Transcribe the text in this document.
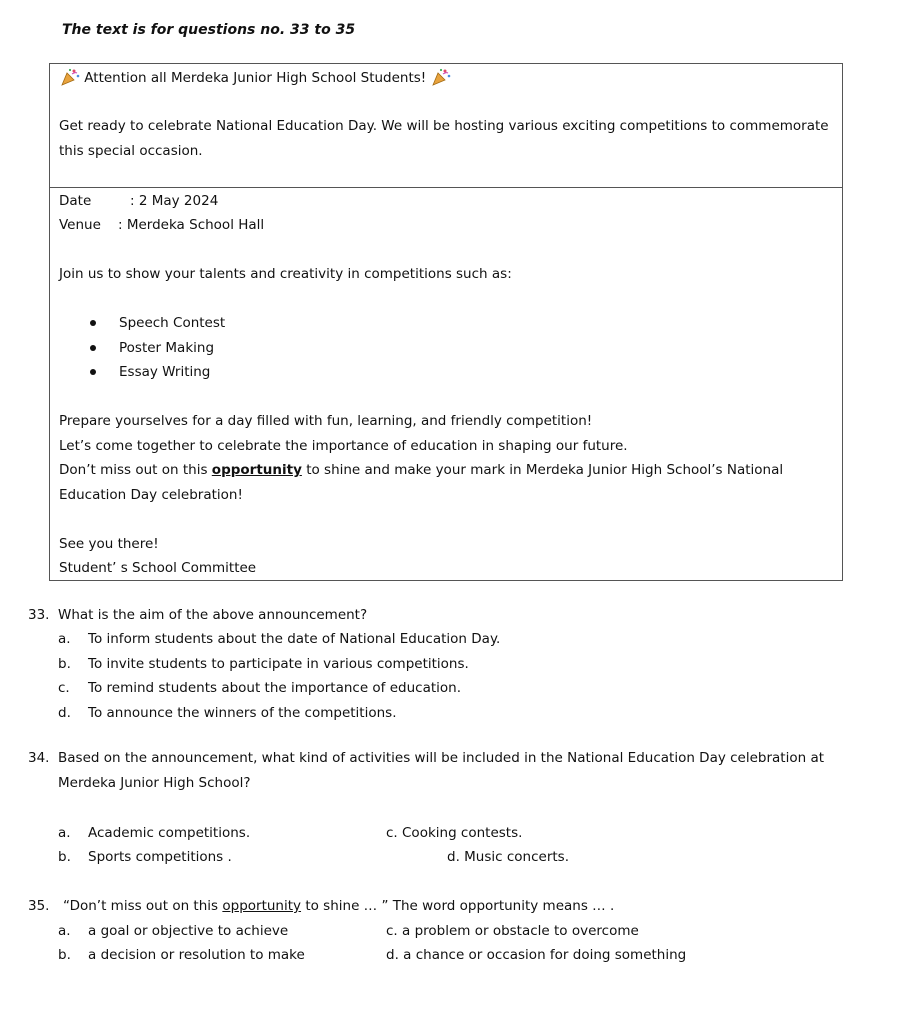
The text is for questions no. 33 to 35
Attention all Merdeka Junior High School Students!
Get ready to celebrate National Education Day. We will be hosting various exciting competitions to commemorate
this special occasion.
Date	: 2 May 2024
Venue : Merdeka School Hall
Join us to show your talents and creativity in competitions such as:
Speech Contest
Poster Making
Essay Writing
Prepare yourselves for a day filled with fun, learning, and friendly competition!
Let’s come together to celebrate the importance of education in shaping our future.
Don’t miss out on this opportunity to shine and make your mark in Merdeka Junior High School’s National
Education Day celebration!
See you there!
Student’ s School Committee
33. What is the aim of the above announcement?
a. To inform students about the date of National Education Day.
b. To invite students to participate in various competitions.
c. To remind students about the importance of education.
d. To announce the winners of the competitions.
34. Based on the announcement, what kind of activities will be included in the National Education Day celebration at
Merdeka Junior High School?
a. Academic competitions.	c. Cooking contests.
b. Sports competitions .	d. Music concerts.
35. “Don’t miss out on this opportunity to shine … ” The word opportunity means … .
a. a goal or objective to achieve	c. a problem or obstacle to overcome
b. a decision or resolution to make	d. a chance or occasion for doing something
